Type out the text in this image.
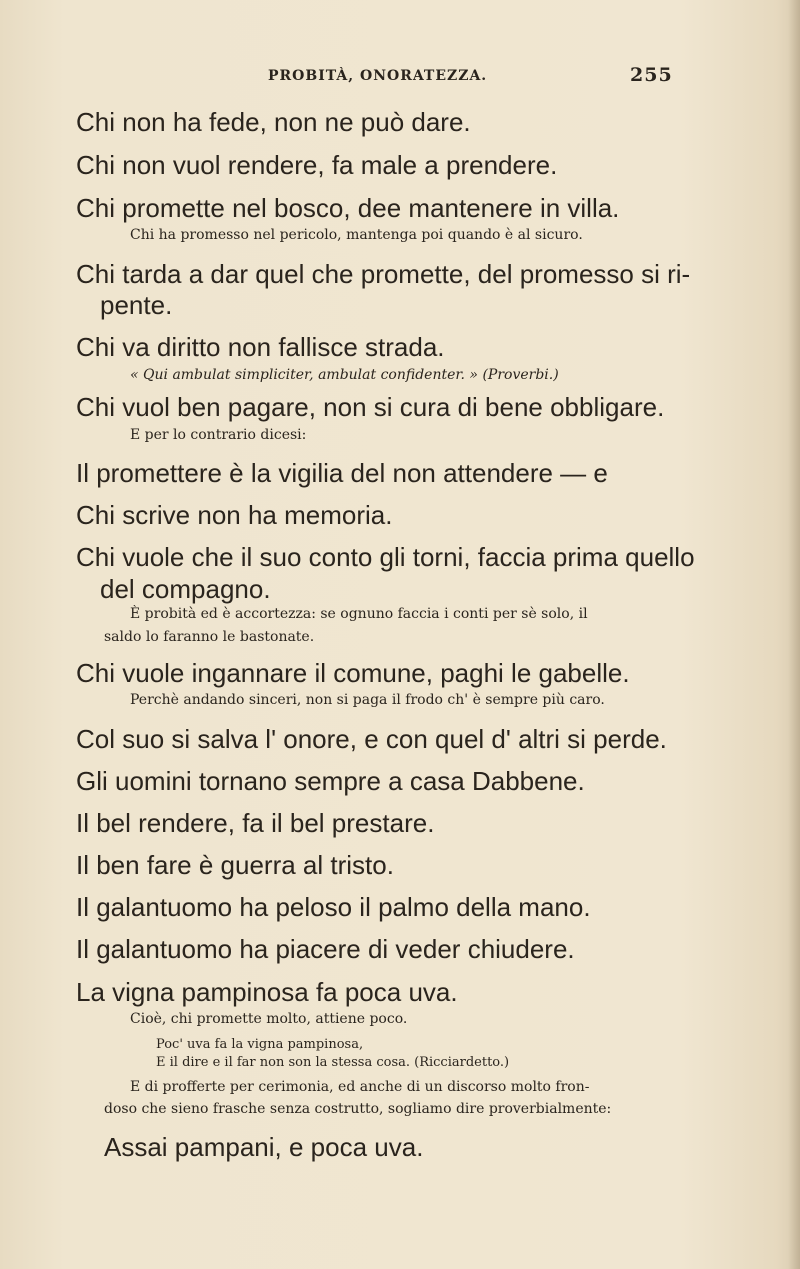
PROBITÀ, ONORATEZZA.	255
Chi non ha fede, non ne può dare.
Chi non vuol rendere, fa male a prendere.
Chi promette nel bosco, dee mantenere in villa.
Chi ha promesso nel pericolo, mantenga poi quando è al sicuro.
Chi tarda a dar quel che promette, del promesso si ri-
pente.
Chi va diritto non fallisce strada.
« Qui ambulat simpliciter, ambulat confidenter. » (Proverbi.)
Chi vuol ben pagare, non si cura di bene obbligare.
E per lo contrario dicesi:
Il promettere è la vigilia del non attendere — e
Chi scrive non ha memoria.
Chi vuole che il suo conto gli torni, faccia prima quello
del compagno.
È probità ed è accortezza: se ognuno faccia i conti per sè solo, il
saldo lo faranno le bastonate.
Chi vuole ingannare il comune, paghi le gabelle.
Perchè andando sinceri, non si paga il frodo ch' è sempre più caro.
Col suo si salva l' onore, e con quel d' altri si perde.
Gli uomini tornano sempre a casa Dabbene.
Il bel rendere, fa il bel prestare.
Il ben fare è guerra al tristo.
Il galantuomo ha peloso il palmo della mano.
Il galantuomo ha piacere di veder chiudere.
La vigna pampinosa fa poca uva.
Cioè, chi promette molto, attiene poco.
Poc' uva fa la vigna pampinosa,
E il dire e il far non son la stessa cosa. (Ricciardetto.)
E di profferte per cerimonia, ed anche di un discorso molto fron-
doso che sieno frasche senza costrutto, sogliamo dire proverbialmente:
Assai pampani, e poca uva.
